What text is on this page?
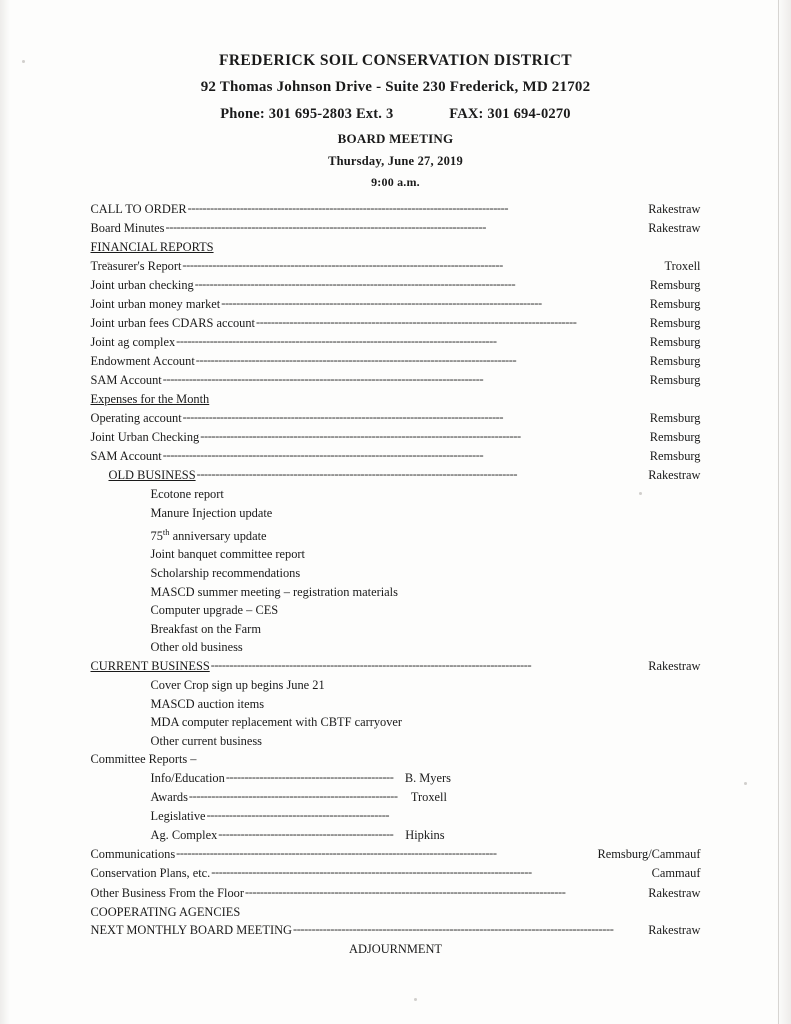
FREDERICK SOIL CONSERVATION DISTRICT
92 Thomas Johnson Drive - Suite 230 Frederick, MD 21702
Phone: 301 695-2803 Ext. 3	FAX: 301 694-0270
BOARD MEETING
Thursday, June 27, 2019
9:00 a.m.
CALL TO ORDER --------------------------------------------------------------------------------------	Rakestraw
Board Minutes --------------------------------------------------------------------------------------	Rakestraw
FINANCIAL REPORTS
Treasurer's Report --------------------------------------------------------------------------------------	Troxell
Joint urban checking --------------------------------------------------------------------------------------	Remsburg
Joint urban money market --------------------------------------------------------------------------------------	Remsburg
Joint urban fees CDARS account --------------------------------------------------------------------------------------	Remsburg
Joint ag complex --------------------------------------------------------------------------------------	Remsburg
Endowment Account --------------------------------------------------------------------------------------	Remsburg
SAM Account --------------------------------------------------------------------------------------	Remsburg
Expenses for the Month
Operating account --------------------------------------------------------------------------------------	Remsburg
Joint Urban Checking --------------------------------------------------------------------------------------	Remsburg
SAM Account --------------------------------------------------------------------------------------	Remsburg
OLD BUSINESS --------------------------------------------------------------------------------------	Rakestraw
Ecotone report
Manure Injection update
75th anniversary update
Joint banquet committee report
Scholarship recommendations
MASCD summer meeting – registration materials
Computer upgrade – CES
Breakfast on the Farm
Other old business
CURRENT BUSINESS --------------------------------------------------------------------------------------	Rakestraw
Cover Crop sign up begins June 21
MASCD auction items
MDA computer replacement with CBTF carryover
Other current business
Committee Reports –
Info/Education --------------------------------------------- B. Myers
Awards --------------------------------------------------------	Troxell
Legislative -------------------------------------------------
Ag. Complex ----------------------------------------------- Hipkins
Communications --------------------------------------------------------------------------------------	Remsburg/Cammauf
Conservation Plans, etc. --------------------------------------------------------------------------------------	Cammauf
Other Business From the Floor --------------------------------------------------------------------------------------	Rakestraw
COOPERATING AGENCIES
NEXT MONTHLY BOARD MEETING --------------------------------------------------------------------------------------	Rakestraw
ADJOURNMENT
